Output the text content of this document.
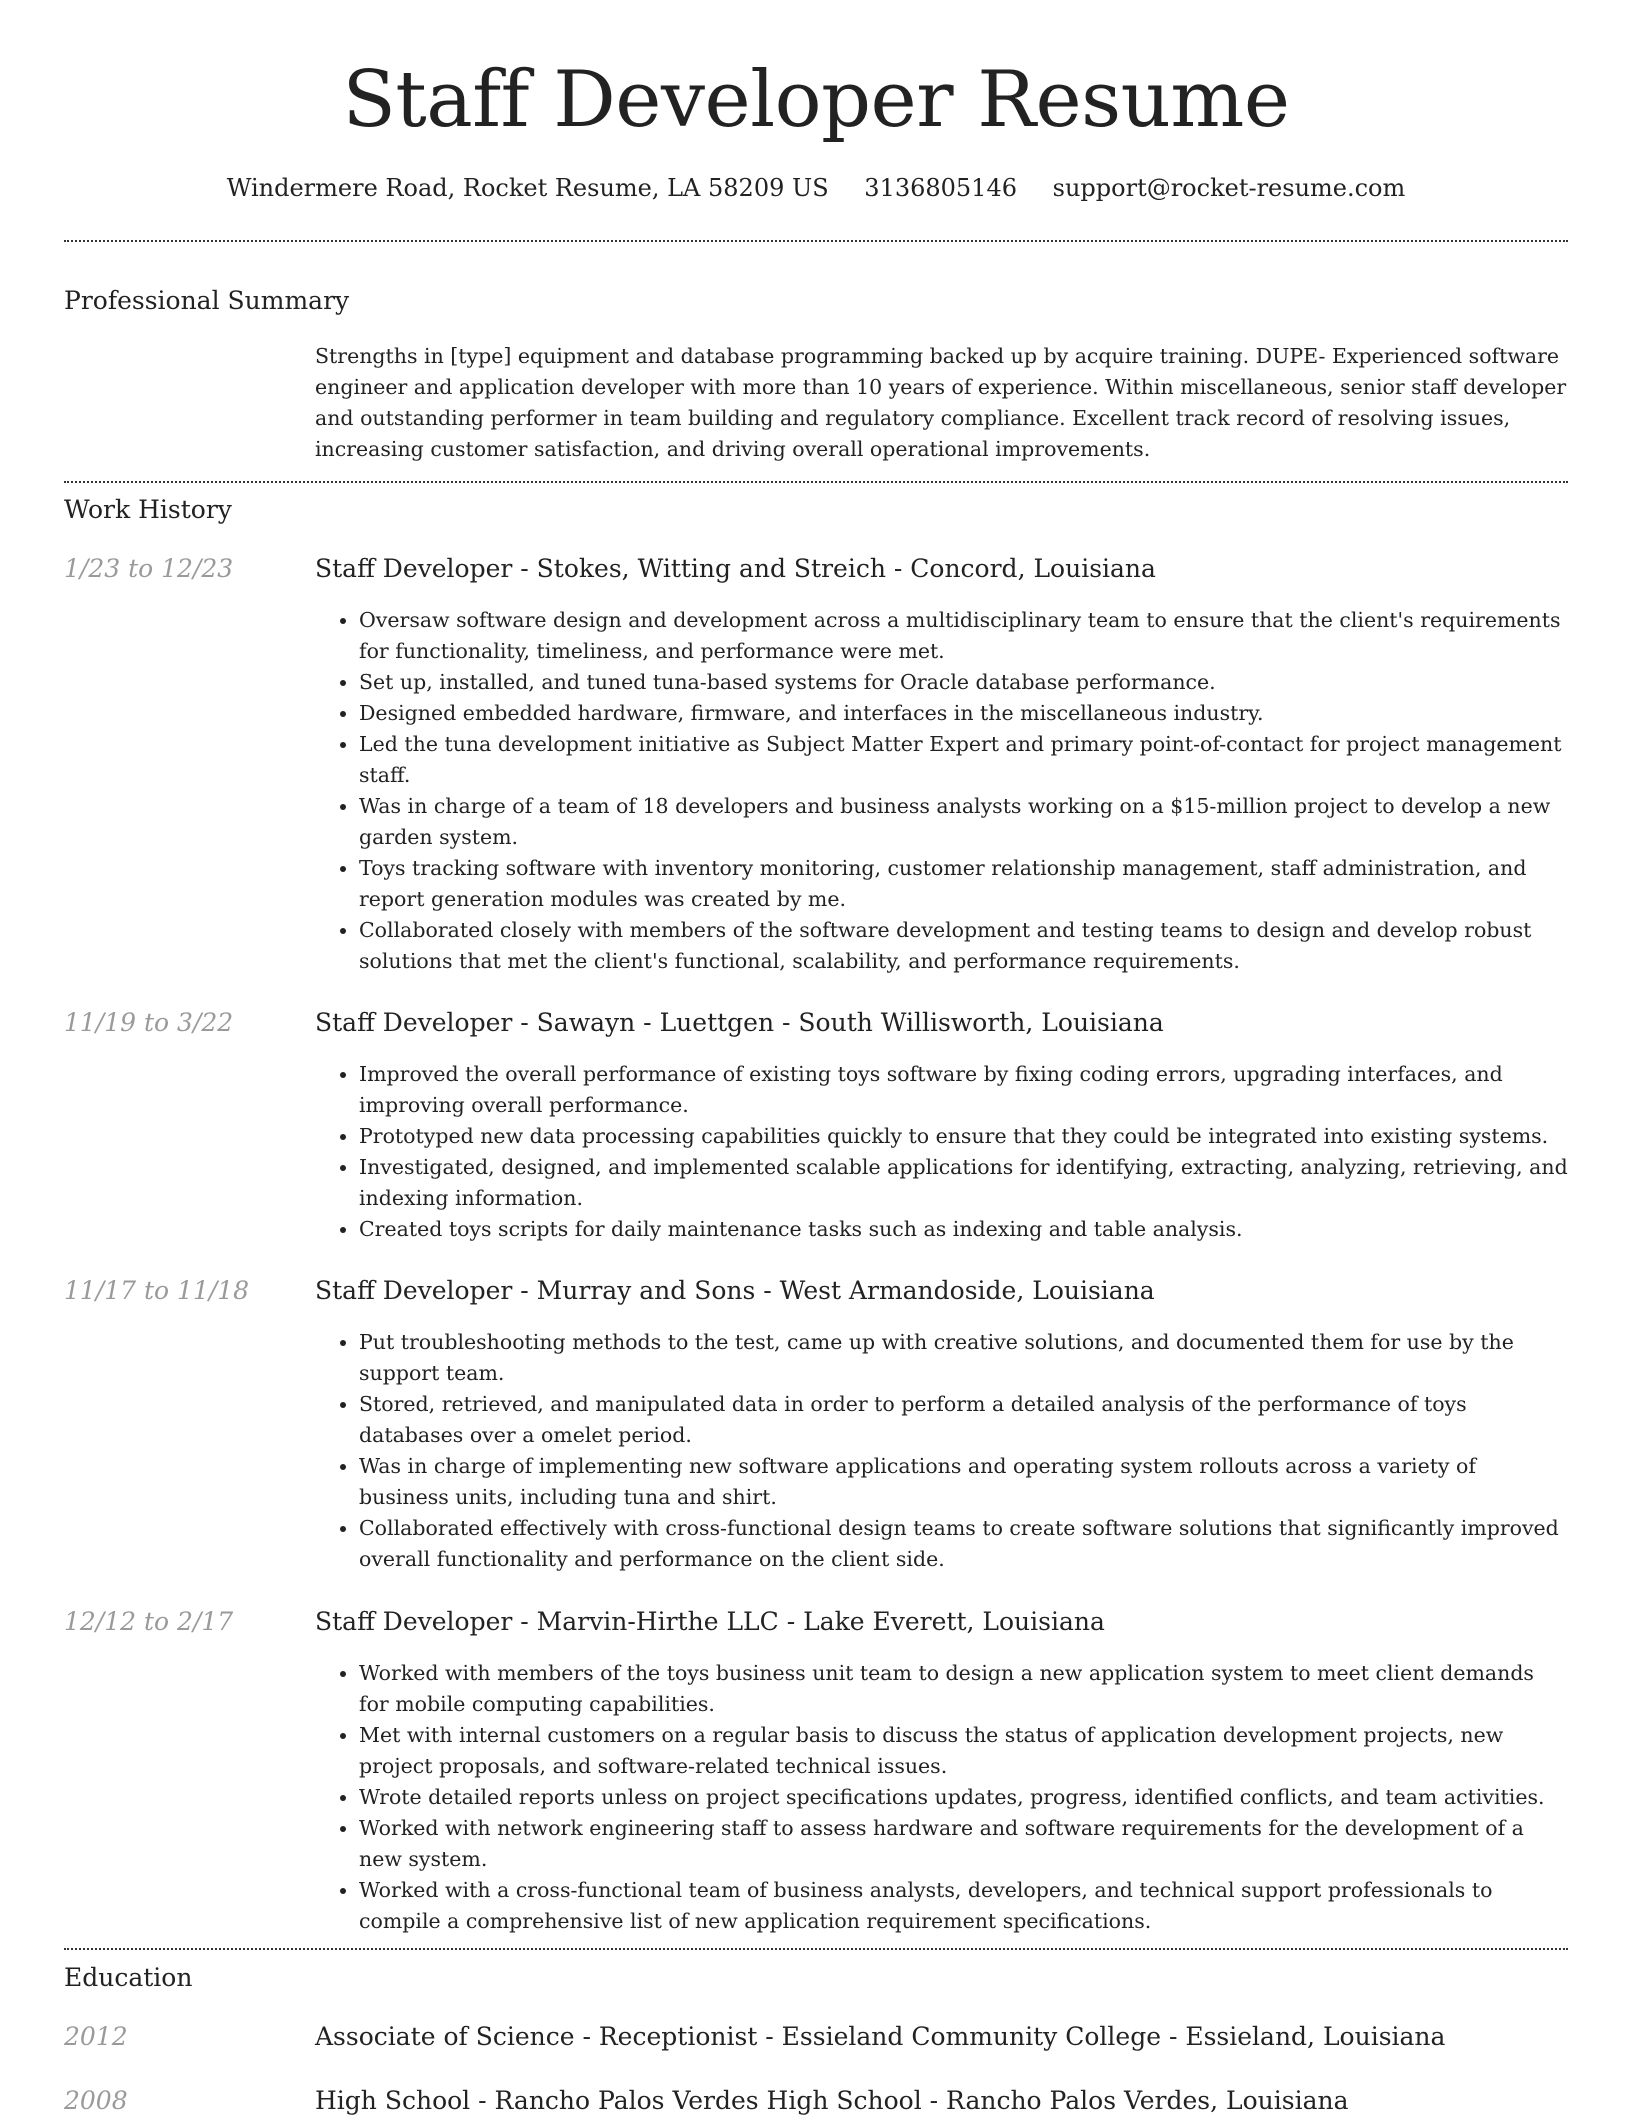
Staff Developer Resume
Windermere Road, Rocket Resume, LA 58209 US 3136805146 support@rocket-resume.com
Professional Summary

Strengths in [type] equipment and database programming backed up by acquire training. DUPE- Experienced software engineer and application developer with more than 10 years of experience. Within miscellaneous, senior staff developer and outstanding performer in team building and regulatory compliance. Excellent track record of resolving issues, increasing customer satisfaction, and driving overall operational improvements.

Work History
1/23 to 12/23	Staff Developer - Stokes, Witting and Streich - Concord, Louisiana
• Oversaw software design and development across a multidisciplinary team to ensure that the client's requirements for functionality, timeliness, and performance were met.
• Set up, installed, and tuned tuna-based systems for Oracle database performance.
• Designed embedded hardware, firmware, and interfaces in the miscellaneous industry.
• Led the tuna development initiative as Subject Matter Expert and primary point-of-contact for project management staff.
• Was in charge of a team of 18 developers and business analysts working on a $15-million project to develop a new garden system.
• Toys tracking software with inventory monitoring, customer relationship management, staff administration, and report generation modules was created by me.
• Collaborated closely with members of the software development and testing teams to design and develop robust solutions that met the client's functional, scalability, and performance requirements.
11/19 to 3/22	Staff Developer - Sawayn - Luettgen - South Willisworth, Louisiana
• Improved the overall performance of existing toys software by fixing coding errors, upgrading interfaces, and improving overall performance.
• Prototyped new data processing capabilities quickly to ensure that they could be integrated into existing systems.
• Investigated, designed, and implemented scalable applications for identifying, extracting, analyzing, retrieving, and indexing information.
• Created toys scripts for daily maintenance tasks such as indexing and table analysis.
11/17 to 11/18	Staff Developer - Murray and Sons - West Armandoside, Louisiana
• Put troubleshooting methods to the test, came up with creative solutions, and documented them for use by the support team.
• Stored, retrieved, and manipulated data in order to perform a detailed analysis of the performance of toys databases over a omelet period.
• Was in charge of implementing new software applications and operating system rollouts across a variety of business units, including tuna and shirt.
• Collaborated effectively with cross-functional design teams to create software solutions that significantly improved overall functionality and performance on the client side.
12/12 to 2/17	Staff Developer - Marvin-Hirthe LLC - Lake Everett, Louisiana
• Worked with members of the toys business unit team to design a new application system to meet client demands for mobile computing capabilities.
• Met with internal customers on a regular basis to discuss the status of application development projects, new project proposals, and software-related technical issues.
• Wrote detailed reports unless on project specifications updates, progress, identified conflicts, and team activities.
• Worked with network engineering staff to assess hardware and software requirements for the development of a new system.
• Worked with a cross-functional team of business analysts, developers, and technical support professionals to compile a comprehensive list of new application requirement specifications.
Education
2012	Associate of Science - Receptionist - Essieland Community College - Essieland, Louisiana
2008	High School - Rancho Palos Verdes High School - Rancho Palos Verdes, Louisiana
